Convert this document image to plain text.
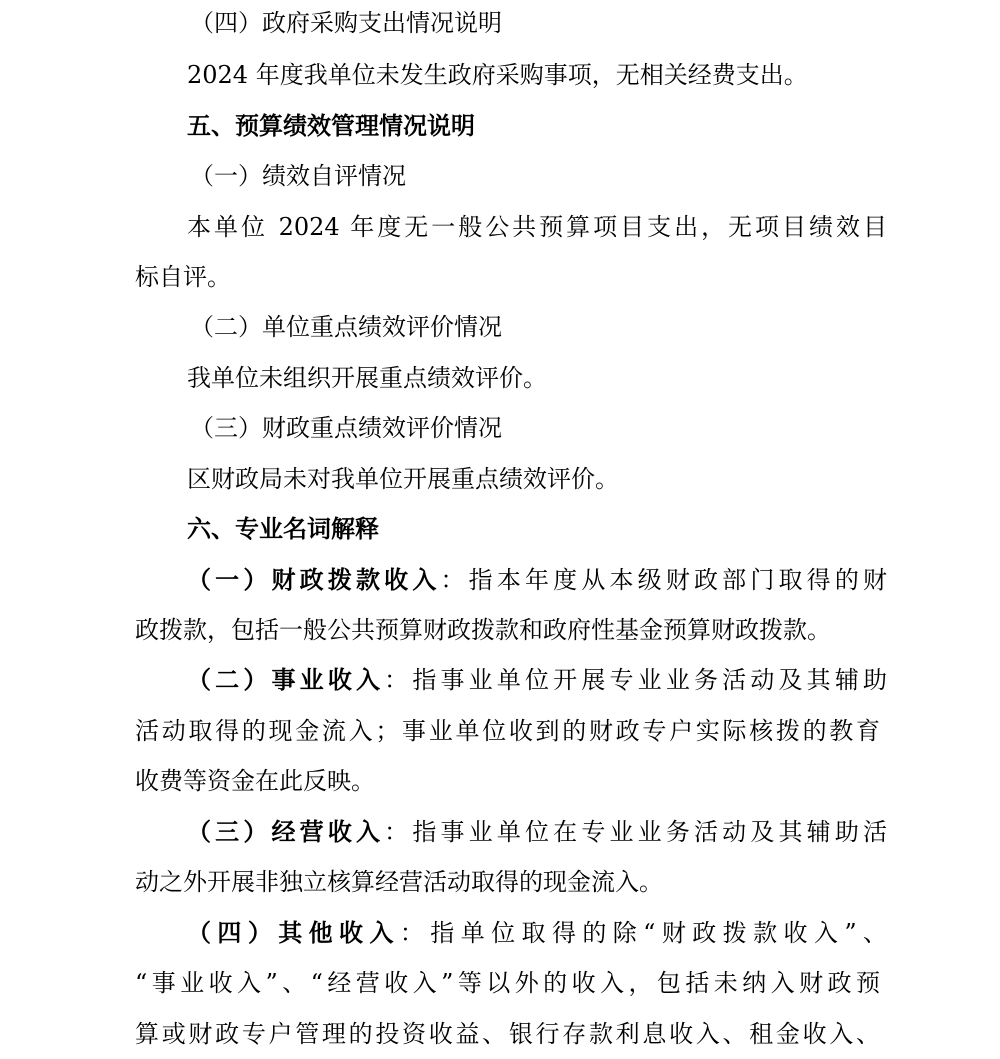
（四）政府采购支出情况说明
2024 年度我单位未发生政府采购事项，无相关经费支出。
五、预算绩效管理情况说明
（一）绩效自评情况
本单位 2024 年度无一般公共预算项目支出，无项目绩效目
标自评。
（二）单位重点绩效评价情况
我单位未组织开展重点绩效评价。
（三）财政重点绩效评价情况
区财政局未对我单位开展重点绩效评价。
六、专业名词解释
（一）财政拨款收入：指本年度从本级财政部门取得的财
政拨款，包括一般公共预算财政拨款和政府性基金预算财政拨款。
（二）事业收入：指事业单位开展专业业务活动及其辅助
活动取得的现金流入；事业单位收到的财政专户实际核拨的教育
收费等资金在此反映。
（三）经营收入：指事业单位在专业业务活动及其辅助活
动之外开展非独立核算经营活动取得的现金流入。
（四）其他收入：指单位取得的除“财政拨款收入”、
“事业收入”、“经营收入”等以外的收入，包括未纳入财政预
算或财政专户管理的投资收益、银行存款利息收入、租金收入、
